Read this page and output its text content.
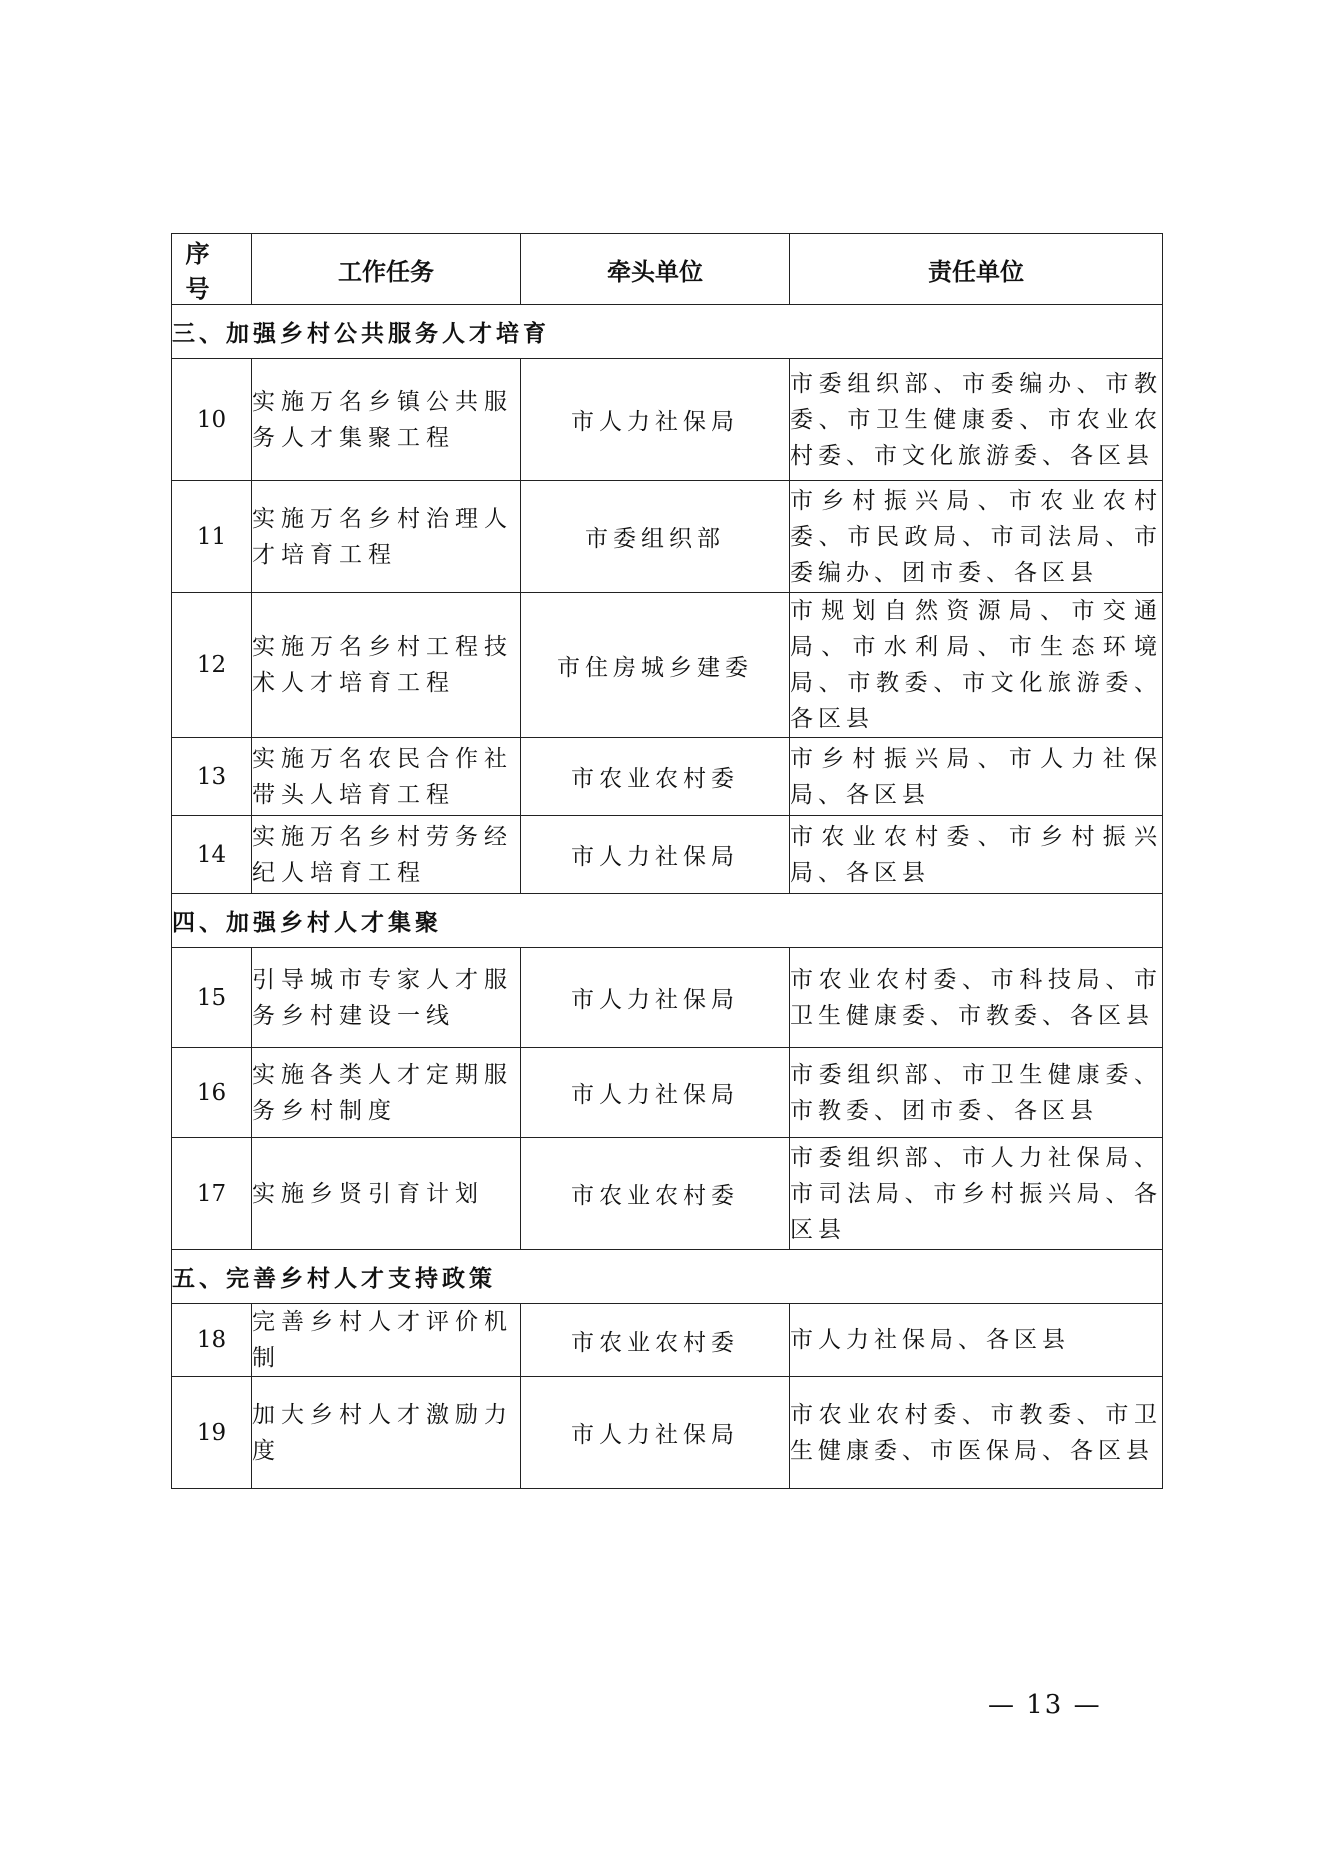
序号	工作任务	牵头单位	责任单位
三、加强乡村公共服务人才培育			
10	实施万名乡镇公共服务人才集聚工程	市人力社保局	市委组织部、市委编办、市教委、市卫生健康委、市农业农村委、市文化旅游委、各区县
11	实施万名乡村治理人才培育工程	市委组织部	市乡村振兴局、市农业农村委、市民政局、市司法局、市委编办、团市委、各区县
12	实施万名乡村工程技术人才培育工程	市住房城乡建委	市规划自然资源局、市交通局、市水利局、市生态环境局、市教委、市文化旅游委、各区县
13	实施万名农民合作社带头人培育工程	市农业农村委	市乡村振兴局、市人力社保局、各区县
14	实施万名乡村劳务经纪人培育工程	市人力社保局	市农业农村委、市乡村振兴局、各区县
四、加强乡村人才集聚			
15	引导城市专家人才服务乡村建设一线	市人力社保局	市农业农村委、市科技局、市卫生健康委、市教委、各区县
16	实施各类人才定期服务乡村制度	市人力社保局	市委组织部、市卫生健康委、市教委、团市委、各区县
17	实施乡贤引育计划	市农业农村委	市委组织部、市人力社保局、市司法局、市乡村振兴局、各区县
五、完善乡村人才支持政策			
18	完善乡村人才评价机制	市农业农村委	市人力社保局、各区县
19	加大乡村人才激励力度	市人力社保局	市农业农村委、市教委、市卫生健康委、市医保局、各区县
— 13 —
